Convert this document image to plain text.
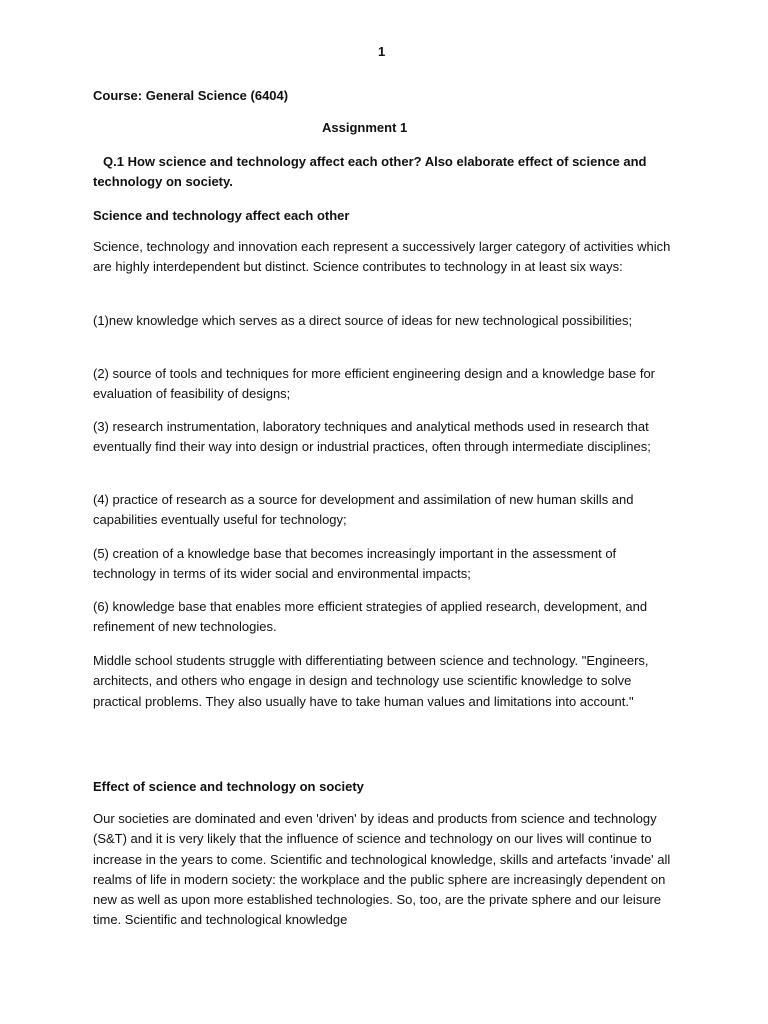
1
Course: General Science (6404)
Assignment 1

Q.1 How science and technology affect each other? Also elaborate effect of science and technology on society.

Science and technology affect each other

Science, technology and innovation each represent a successively larger category of activities which are highly interdependent but distinct. Science contributes to technology in at least six ways:

(1)new knowledge which serves as a direct source of ideas for new technological possibilities;

(2) source of tools and techniques for more efficient engineering design and a knowledge base for evaluation of feasibility of designs;

(3) research instrumentation, laboratory techniques and analytical methods used in research that eventually find their way into design or industrial practices, often through intermediate disciplines;

(4) practice of research as a source for development and assimilation of new human skills and capabilities eventually useful for technology;

(5) creation of a knowledge base that becomes increasingly important in the assessment of technology in terms of its wider social and environmental impacts;

(6) knowledge base that enables more efficient strategies of applied research, development, and refinement of new technologies.

Middle school students struggle with differentiating between science and technology. "Engineers, architects, and others who engage in design and technology use scientific knowledge to solve practical problems. They also usually have to take human values and limitations into account."

Effect of science and technology on society

Our societies are dominated and even 'driven' by ideas and products from science and technology (S&T) and it is very likely that the influence of science and technology on our lives will continue to increase in the years to come. Scientific and technological knowledge, skills and artefacts 'invade' all realms of life in modern society: the workplace and the public sphere are increasingly dependent on new as well as upon more established technologies. So, too, are the private sphere and our leisure time. Scientific and technological knowledge
